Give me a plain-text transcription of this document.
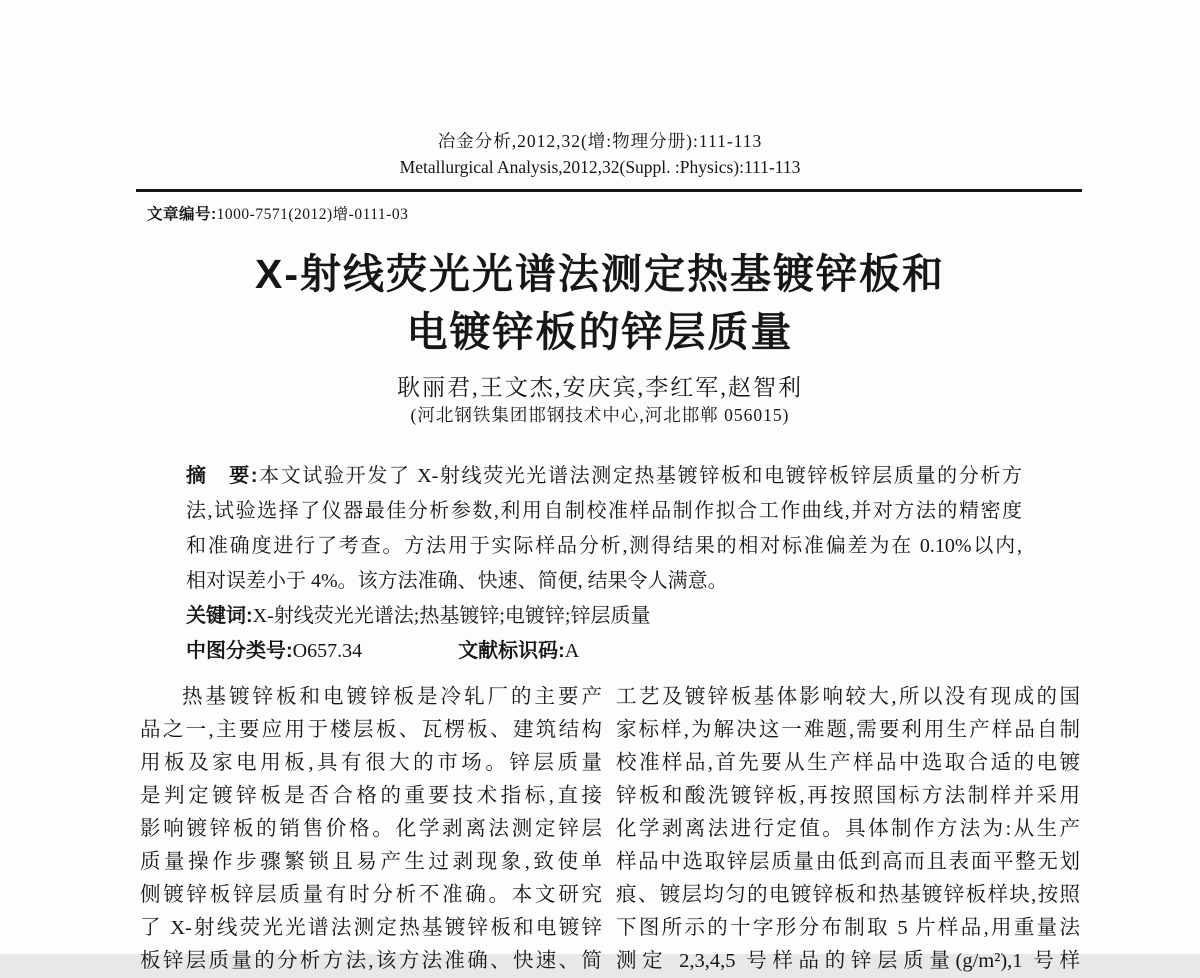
冶金分析,2012,32(增:物理分册):111-113
Metallurgical Analysis,2012,32(Suppl. :Physics):111-113
文章编号:1000-7571(2012)增-0111-03
X-射线荧光光谱法测定热基镀锌板和
电镀锌板的锌层质量
耿丽君,王文杰,安庆宾,李红军,赵智利
(河北钢铁集团邯钢技术中心,河北邯郸 056015)
摘　要:本文试验开发了 X-射线荧光光谱法测定热基镀锌板和电镀锌板锌层质量的分析方
法,试验选择了仪器最佳分析参数,利用自制校准样品制作拟合工作曲线,并对方法的精密度
和准确度进行了考查。方法用于实际样品分析,测得结果的相对标准偏差为在 0.10%以内,
相对误差小于 4%。该方法准确、快速、简便, 结果令人满意。
关键词:X-射线荧光光谱法;热基镀锌;电镀锌;锌层质量
中图分类号:O657.34	文献标识码:A
热基镀锌板和电镀锌板是冷轧厂的主要产
品之一,主要应用于楼层板、瓦楞板、建筑结构
用板及家电用板,具有很大的市场。锌层质量
是判定镀锌板是否合格的重要技术指标,直接
影响镀锌板的销售价格。化学剥离法测定锌层
质量操作步骤繁锁且易产生过剥现象,致使单
侧镀锌板锌层质量有时分析不准确。本文研究
了 X-射线荧光光谱法测定热基镀锌板和电镀锌
板锌层质量的分析方法,该方法准确、快速、简
工艺及镀锌板基体影响较大,所以没有现成的国
家标样,为解决这一难题,需要利用生产样品自制
校准样品,首先要从生产样品中选取合适的电镀
锌板和酸洗镀锌板,再按照国标方法制样并采用
化学剥离法进行定值。具体制作方法为:从生产
样品中选取锌层质量由低到高而且表面平整无划
痕、镀层均匀的电镀锌板和热基镀锌板样块,按照
下图所示的十字形分布制取 5 片样品,用重量法
测定 2,3,4,5 号样品的锌层质量(g/m²),1 号样
